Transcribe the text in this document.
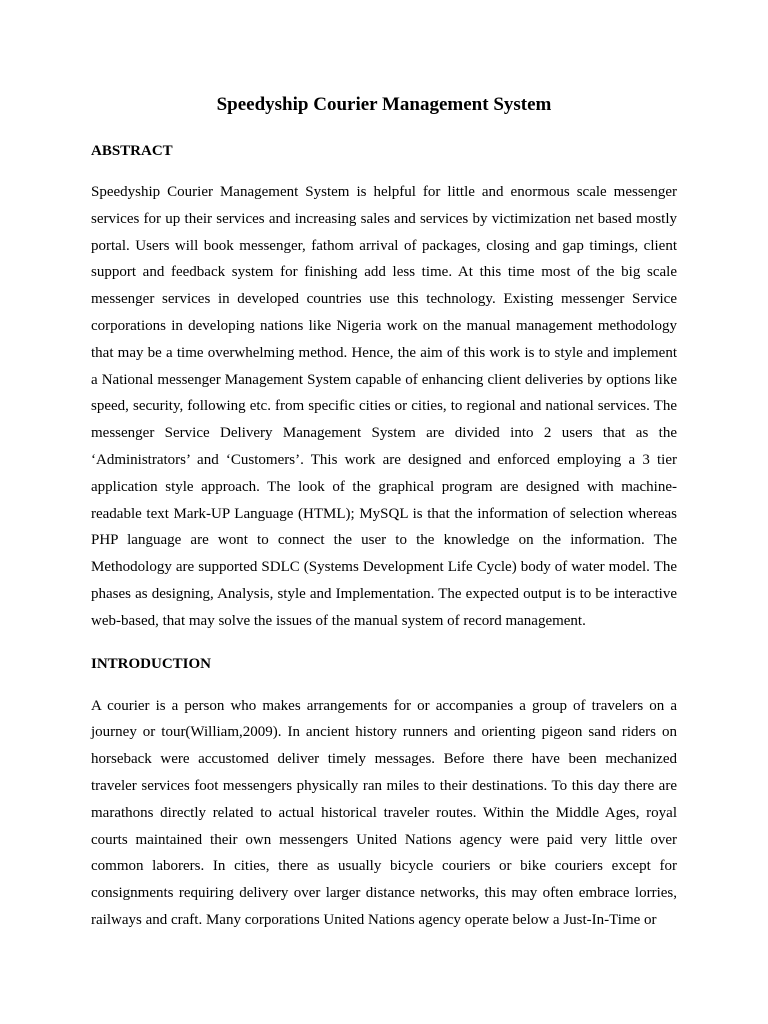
Speedyship Courier Management System
ABSTRACT

Speedyship Courier Management System is helpful for little and enormous scale messenger services for up their services and increasing sales and services by victimization net based mostly portal. Users will book messenger, fathom arrival of packages, closing and gap timings, client support and feedback system for finishing add less time. At this time most of the big scale messenger services in developed countries use this technology. Existing messenger Service corporations in developing nations like Nigeria work on the manual management methodology that may be a time overwhelming method. Hence, the aim of this work is to style and implement a National messenger Management System capable of enhancing client deliveries by options like speed, security, following etc. from specific cities or cities, to regional and national services. The messenger Service Delivery Management System are divided into 2 users that as the ‘Administrators’ and ‘Customers’. This work are designed and enforced employing a 3 tier application style approach. The look of the graphical program are designed with machine-readable text Mark-UP Language (HTML); MySQL is that the information of selection whereas PHP language are wont to connect the user to the knowledge on the information. The Methodology are supported SDLC (Systems Development Life Cycle) body of water model. The phases as designing, Analysis, style and Implementation. The expected output is to be interactive web-based, that may solve the issues of the manual system of record management.

INTRODUCTION

A courier is a person who makes arrangements for or accompanies a group of travelers on a journey or tour(William,2009). In ancient history runners and orienting pigeon sand riders on horseback were accustomed deliver timely messages. Before there have been mechanized traveler services foot messengers physically ran miles to their destinations. To this day there are marathons directly related to actual historical traveler routes. Within the Middle Ages, royal courts maintained their own messengers United Nations agency were paid very little over common laborers. In cities, there as usually bicycle couriers or bike couriers except for consignments requiring delivery over larger distance networks, this may often embrace lorries, railways and craft. Many corporations United Nations agency operate below a Just-In-Time or
